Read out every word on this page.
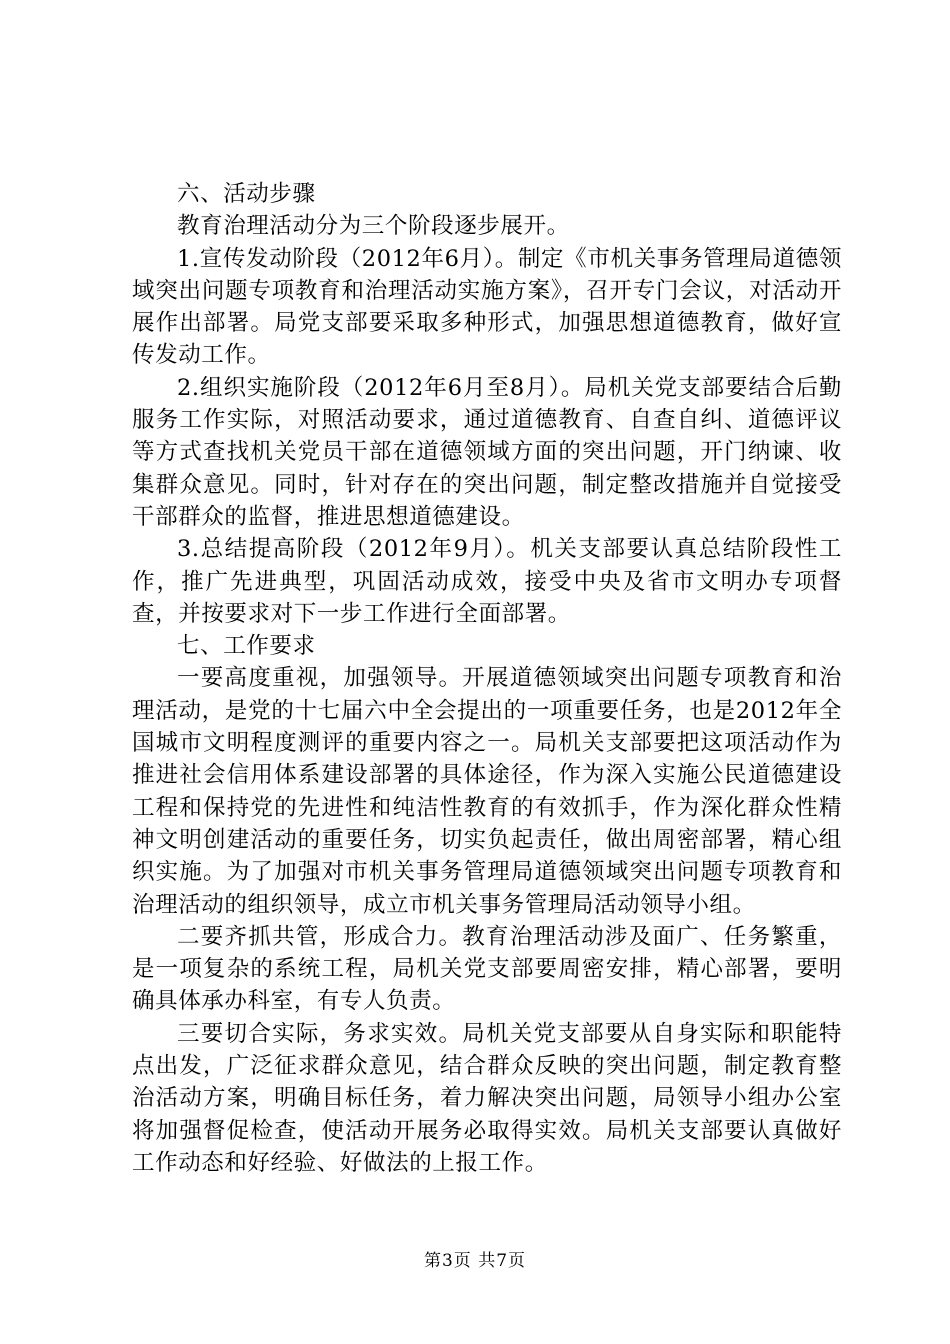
六、活动步骤

教育治理活动分为三个阶段逐步展开。

1.宣传发动阶段（2012年6月）。制定《市机关事务管理局道德领域突出问题专项教育和治理活动实施方案》，召开专门会议，对活动开展作出部署。局党支部要采取多种形式，加强思想道德教育，做好宣传发动工作。

2.组织实施阶段（2012年6月至8月）。局机关党支部要结合后勤服务工作实际，对照活动要求，通过道德教育、自查自纠、道德评议等方式查找机关党员干部在道德领域方面的突出问题，开门纳谏、收集群众意见。同时，针对存在的突出问题，制定整改措施并自觉接受干部群众的监督，推进思想道德建设。

3.总结提高阶段（2012年9月）。机关支部要认真总结阶段性工作，推广先进典型，巩固活动成效，接受中央及省市文明办专项督查，并按要求对下一步工作进行全面部署。

七、工作要求

一要高度重视，加强领导。开展道德领域突出问题专项教育和治理活动，是党的十七届六中全会提出的一项重要任务，也是2012年全国城市文明程度测评的重要内容之一。局机关支部要把这项活动作为推进社会信用体系建设部署的具体途径，作为深入实施公民道德建设工程和保持党的先进性和纯洁性教育的有效抓手，作为深化群众性精神文明创建活动的重要任务，切实负起责任，做出周密部署，精心组织实施。为了加强对市机关事务管理局道德领域突出问题专项教育和治理活动的组织领导，成立市机关事务管理局活动领导小组。

二要齐抓共管，形成合力。教育治理活动涉及面广、任务繁重，是一项复杂的系统工程，局机关党支部要周密安排，精心部署，要明确具体承办科室，有专人负责。

三要切合实际，务求实效。局机关党支部要从自身实际和职能特点出发，广泛征求群众意见，结合群众反映的突出问题，制定教育整治活动方案，明确目标任务，着力解决突出问题，局领导小组办公室将加强督促检查，使活动开展务必取得实效。局机关支部要认真做好工作动态和好经验、好做法的上报工作。

第3页 共7页
